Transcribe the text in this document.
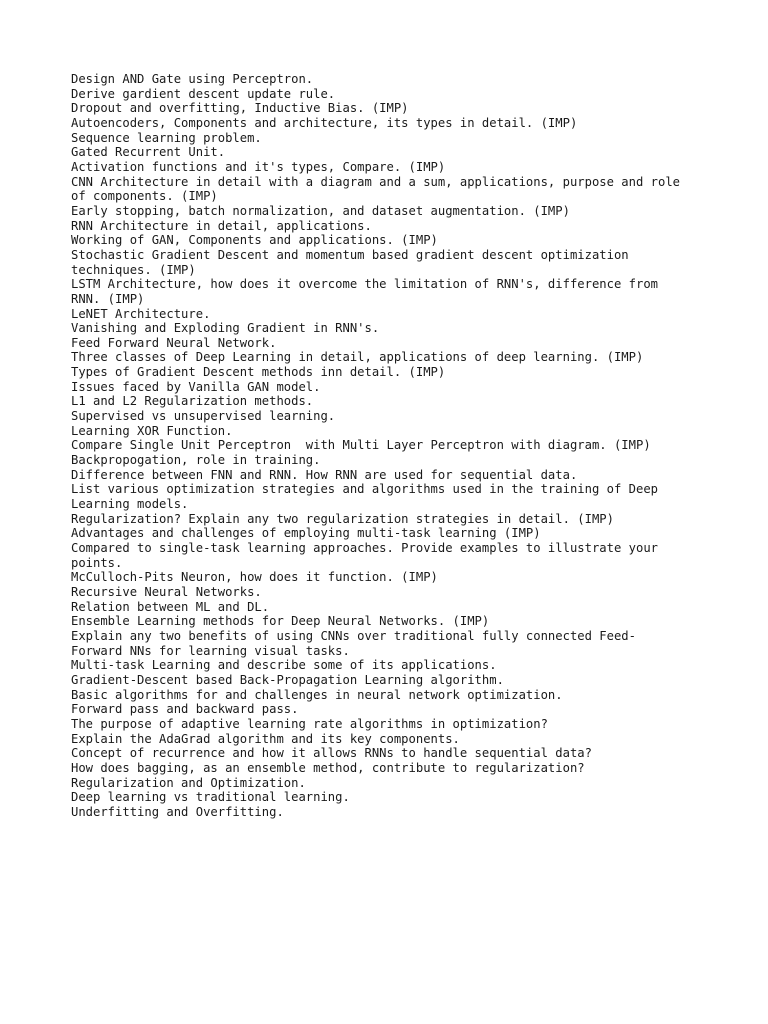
Design AND Gate using Perceptron.
Derive gardient descent update rule.
Dropout and overfitting, Inductive Bias. (IMP)
Autoencoders, Components and architecture, its types in detail. (IMP)
Sequence learning problem.
Gated Recurrent Unit.
Activation functions and it's types, Compare. (IMP)
CNN Architecture in detail with a diagram and a sum, applications, purpose and role
of components. (IMP)
Early stopping, batch normalization, and dataset augmentation. (IMP)
RNN Architecture in detail, applications.
Working of GAN, Components and applications. (IMP)
Stochastic Gradient Descent and momentum based gradient descent optimization
techniques. (IMP)
LSTM Architecture, how does it overcome the limitation of RNN's, difference from
RNN. (IMP)
LeNET Architecture.
Vanishing and Exploding Gradient in RNN's.
Feed Forward Neural Network.
Three classes of Deep Learning in detail, applications of deep learning. (IMP)
Types of Gradient Descent methods inn detail. (IMP)
Issues faced by Vanilla GAN model.
L1 and L2 Regularization methods.
Supervised vs unsupervised learning.
Learning XOR Function.
Compare Single Unit Perceptron  with Multi Layer Perceptron with diagram. (IMP)
Backpropogation, role in training.
Difference between FNN and RNN. How RNN are used for sequential data.
List various optimization strategies and algorithms used in the training of Deep
Learning models.
Regularization? Explain any two regularization strategies in detail. (IMP)
Advantages and challenges of employing multi-task learning (IMP)
Compared to single-task learning approaches. Provide examples to illustrate your
points.
McCulloch-Pits Neuron, how does it function. (IMP)
Recursive Neural Networks.
Relation between ML and DL.
Ensemble Learning methods for Deep Neural Networks. (IMP)
Explain any two benefits of using CNNs over traditional fully connected Feed-
Forward NNs for learning visual tasks.
Multi-task Learning and describe some of its applications.
Gradient-Descent based Back-Propagation Learning algorithm.
Basic algorithms for and challenges in neural network optimization.
Forward pass and backward pass.
The purpose of adaptive learning rate algorithms in optimization?
Explain the AdaGrad algorithm and its key components.
Concept of recurrence and how it allows RNNs to handle sequential data?
How does bagging, as an ensemble method, contribute to regularization?
Regularization and Optimization.
Deep learning vs traditional learning.
Underfitting and Overfitting.
